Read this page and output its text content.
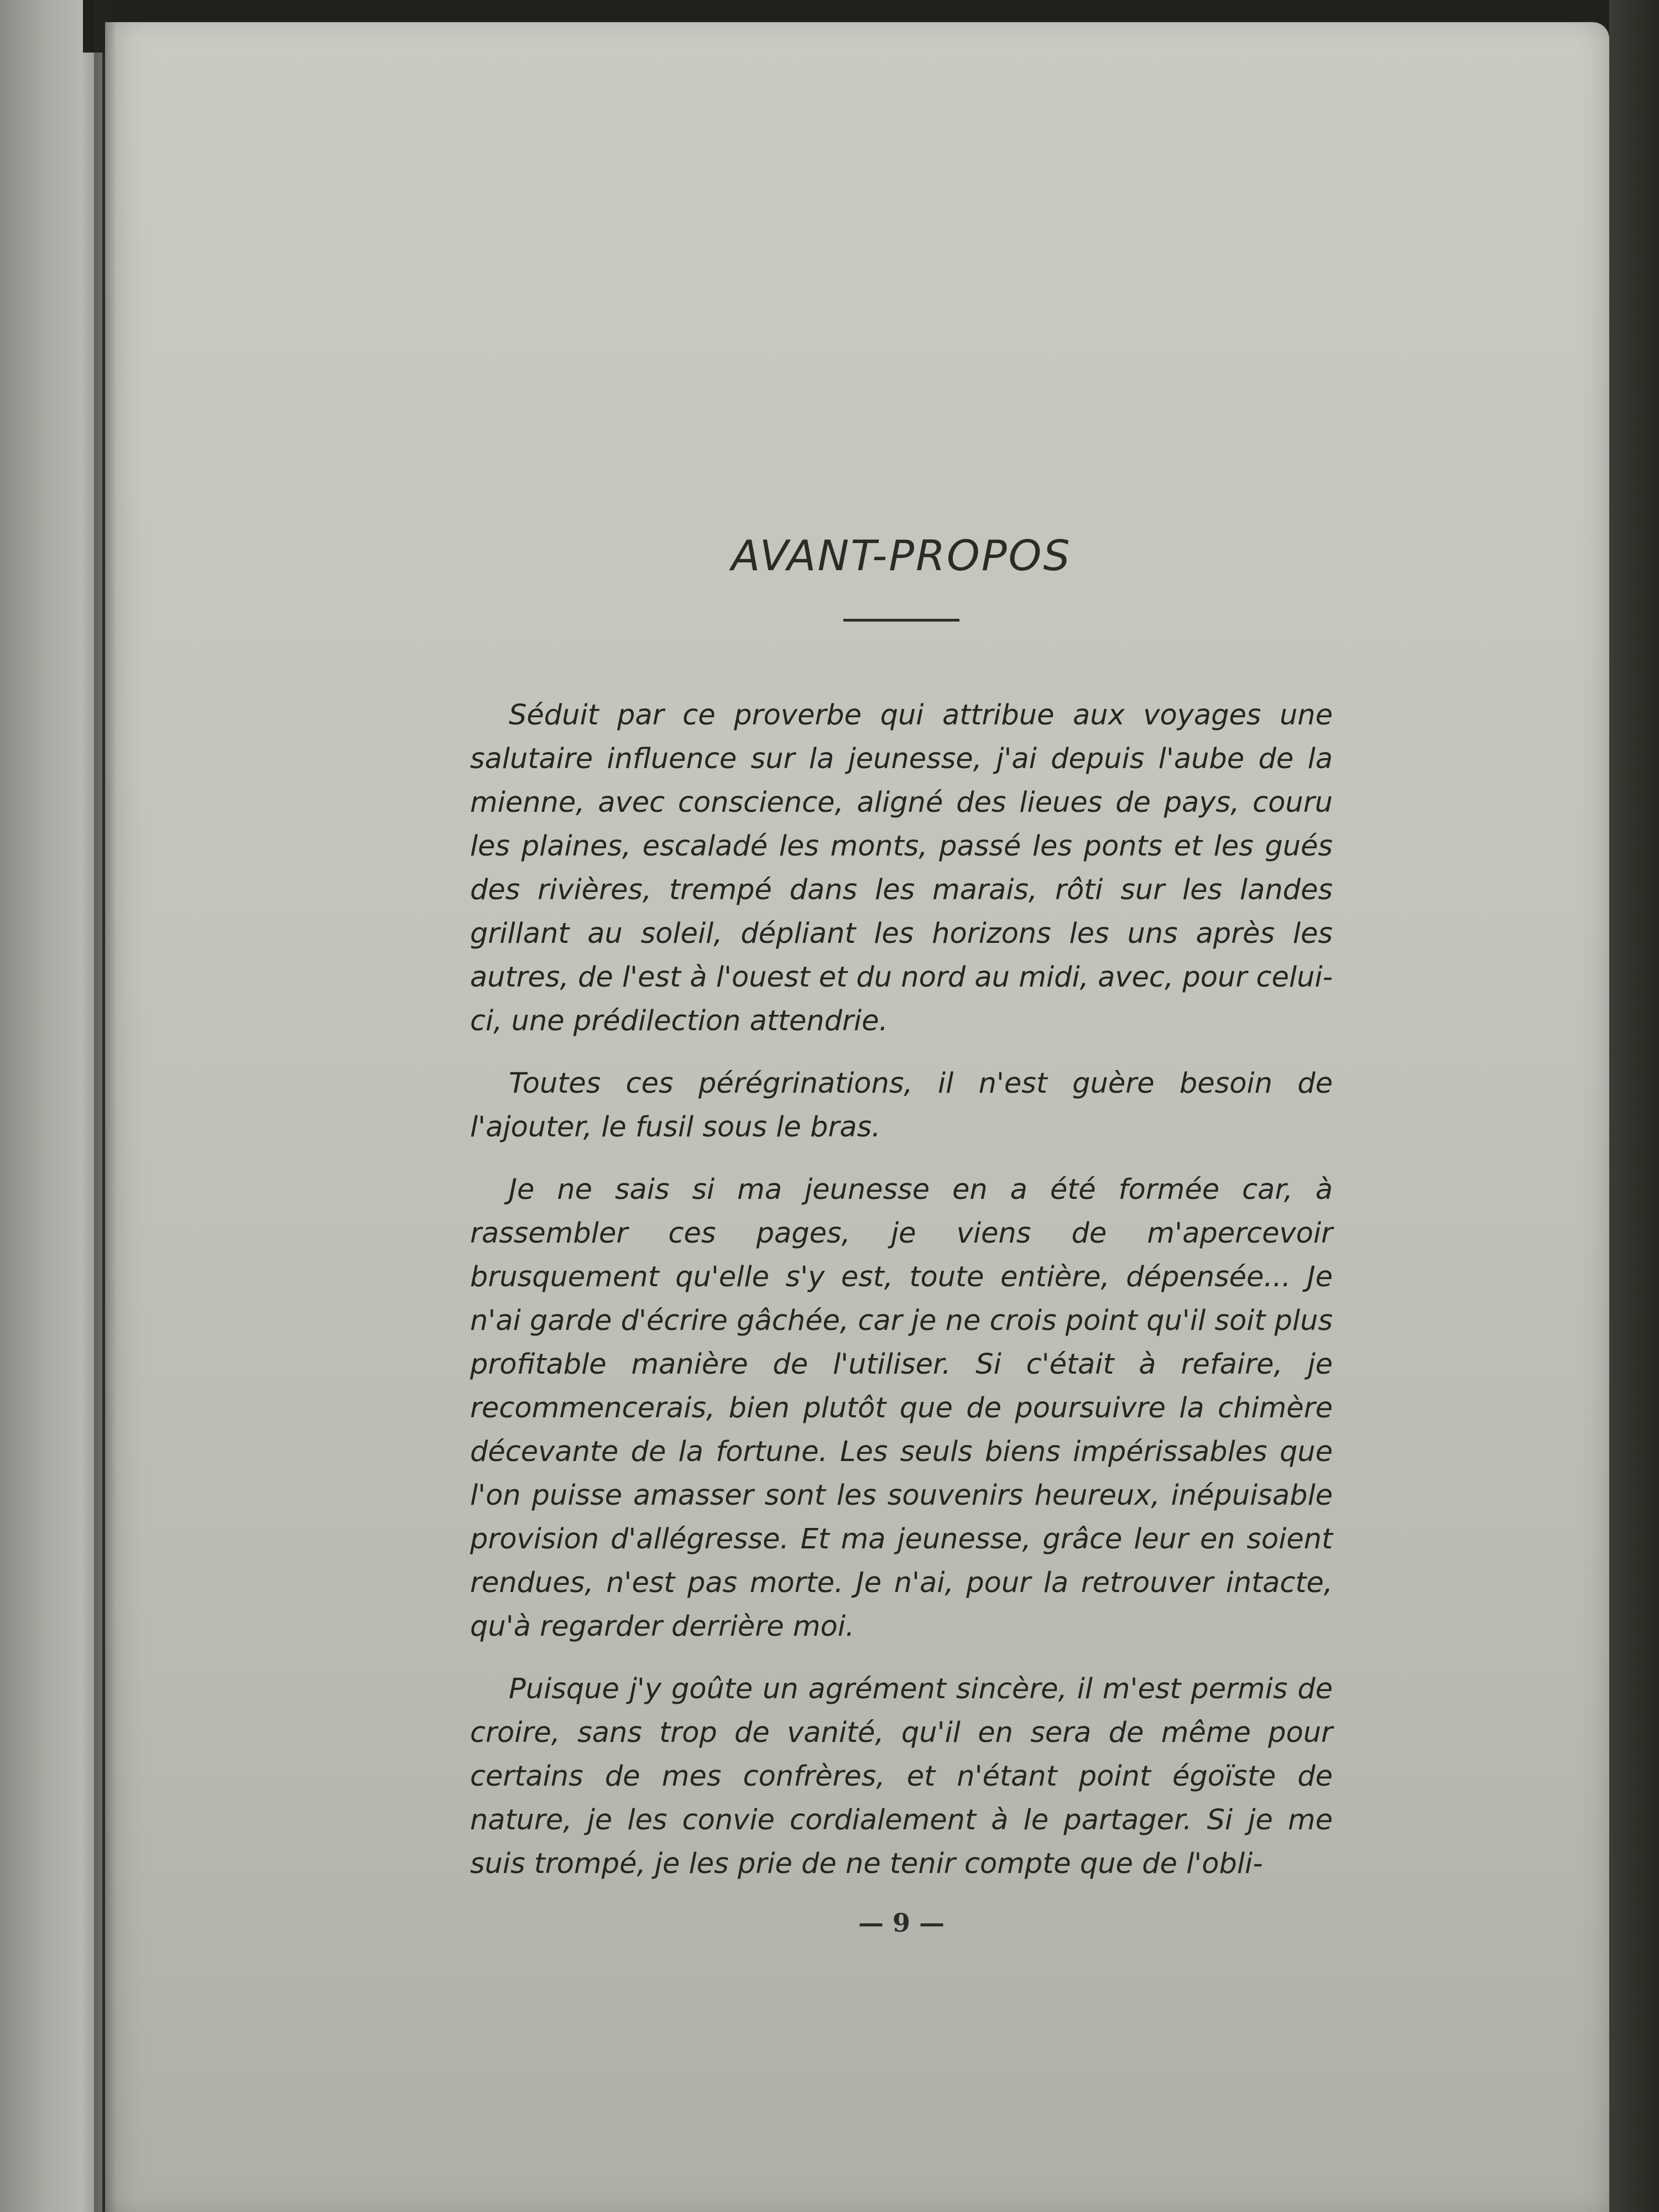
AVANT-PROPOS

Séduit par ce proverbe qui attribue aux voyages une salutaire influence sur la jeunesse, j'ai depuis l'aube de la mienne, avec conscience, aligné des lieues de pays, couru les plaines, escaladé les monts, passé les ponts et les gués des rivières, trempé dans les marais, rôti sur les landes grillant au soleil, dépliant les horizons les uns après les autres, de l'est à l'ouest et du nord au midi, avec, pour celui-ci, une prédilection attendrie.

Toutes ces pérégrinations, il n'est guère besoin de l'ajouter, le fusil sous le bras.

Je ne sais si ma jeunesse en a été formée car, à rassembler ces pages, je viens de m'apercevoir brusquement qu'elle s'y est, toute entière, dépensée... Je n'ai garde d'écrire gâchée, car je ne crois point qu'il soit plus profitable manière de l'utiliser. Si c'était à refaire, je recommencerais, bien plutôt que de poursuivre la chimère décevante de la fortune. Les seuls biens impérissables que l'on puisse amasser sont les souvenirs heureux, inépuisable provision d'allégresse. Et ma jeunesse, grâce leur en soient rendues, n'est pas morte. Je n'ai, pour la retrouver intacte, qu'à regarder derrière moi.

Puisque j'y goûte un agrément sincère, il m'est permis de croire, sans trop de vanité, qu'il en sera de même pour certains de mes confrères, et n'étant point égoïste de nature, je les convie cordialement à le partager. Si je me suis trompé, je les prie de ne tenir compte que de l'obli-

— 9 —
